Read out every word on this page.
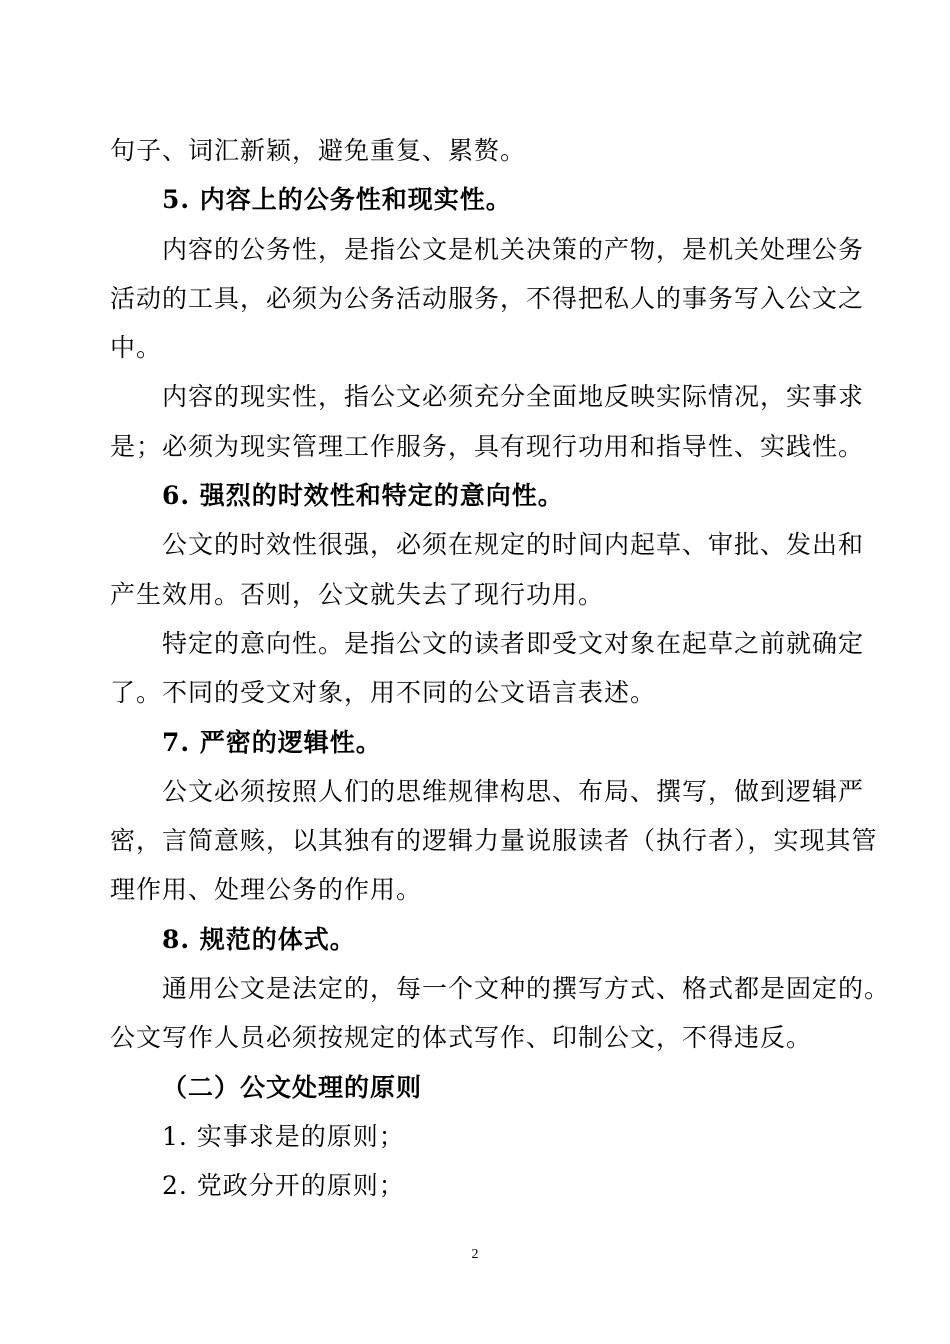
句子、词汇新颖，避免重复、累赘。
5. 内容上的公务性和现实性。
内容的公务性，是指公文是机关决策的产物，是机关处理公务
活动的工具，必须为公务活动服务，不得把私人的事务写入公文之
中。
内容的现实性，指公文必须充分全面地反映实际情况，实事求
是；必须为现实管理工作服务，具有现行功用和指导性、实践性。
6. 强烈的时效性和特定的意向性。
公文的时效性很强，必须在规定的时间内起草、审批、发出和
产生效用。否则，公文就失去了现行功用。
特定的意向性。是指公文的读者即受文对象在起草之前就确定
了。不同的受文对象，用不同的公文语言表述。
7. 严密的逻辑性。
公文必须按照人们的思维规律构思、布局、撰写，做到逻辑严
密，言简意赅，以其独有的逻辑力量说服读者（执行者），实现其管
理作用、处理公务的作用。
8. 规范的体式。
通用公文是法定的，每一个文种的撰写方式、格式都是固定的。
公文写作人员必须按规定的体式写作、印制公文，不得违反。
（二）公文处理的原则
1. 实事求是的原则；
2. 党政分开的原则；
2
